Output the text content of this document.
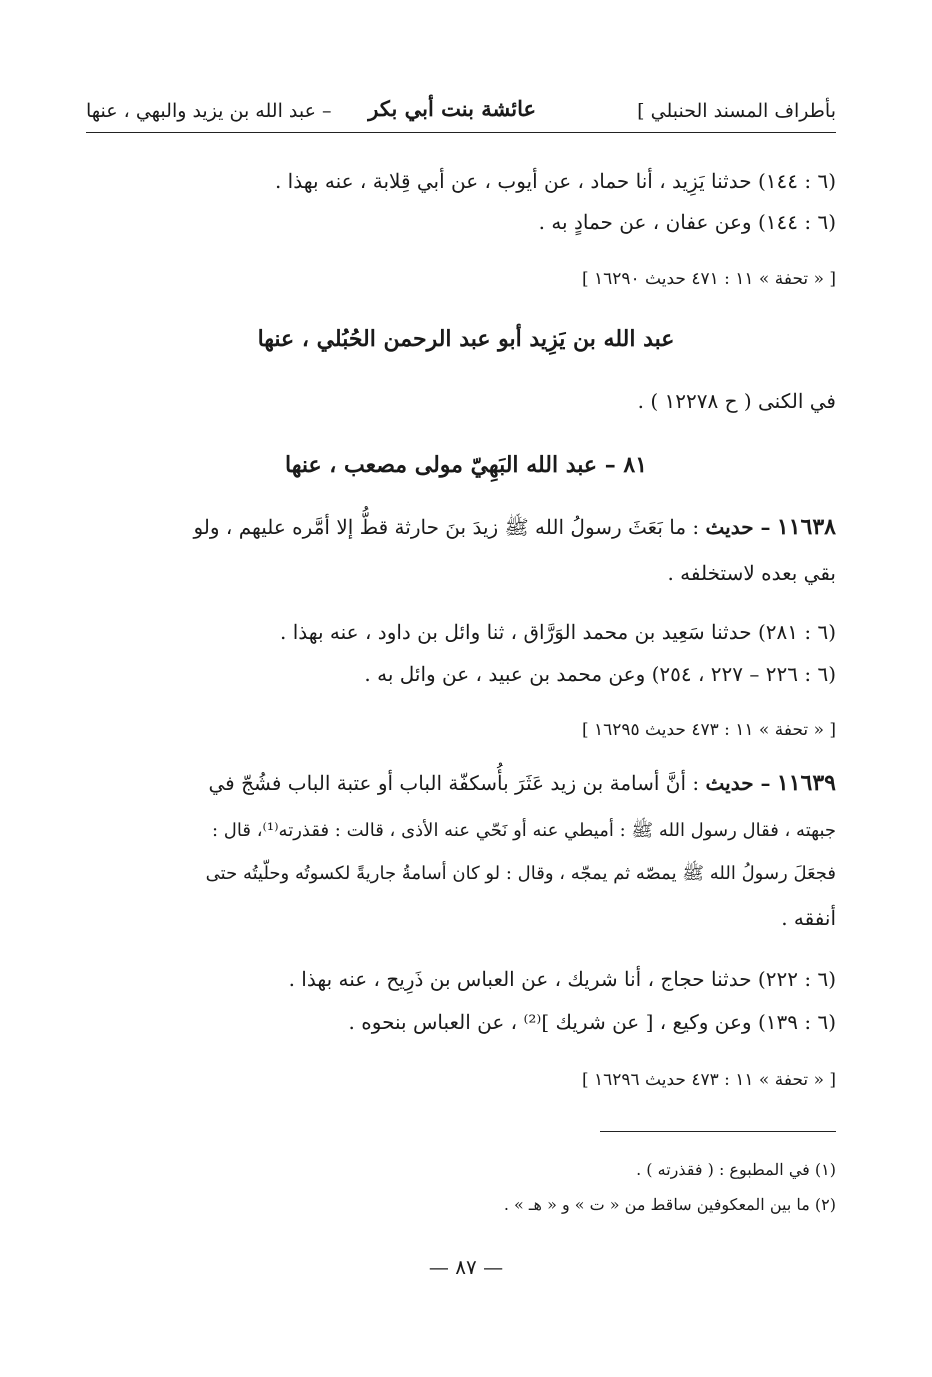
بأطراف المسند الحنبلي ]
عائشة بنت أبي بكر
– عبد الله بن يزيد والبهي ، عنها
(٦ : ١٤٤) حدثنا يَزِيد ، أنا حماد ، عن أيوب ، عن أبي قِلابة ، عنه بهذا .
(٦ : ١٤٤) وعن عفان ، عن حمادٍ به .
[ « تحفة » ١١ : ٤٧١ حديث ١٦٢٩٠ ]
عبد الله بن يَزِيد أبو عبد الرحمن الحُبُلي ، عنها
في الكنى ( ح ١٢٢٧٨ ) .
٨١ – عبد الله البَهِيّ مولى مصعب ، عنها
١١٦٣٨ – حديث : ما بَعَثَ رسولُ الله ﷺ زيدَ بنَ حارثة قطُّ إلا أمَّره عليهم ، ولو
بقي بعده لاستخلفه .
(٦ : ٢٨١) حدثنا سَعِيد بن محمد الوَرَّاق ، ثنا وائل بن داود ، عنه بهذا .
(٦ : ٢٢٦ – ٢٢٧ ، ٢٥٤) وعن محمد بن عبيد ، عن وائل به .
[ « تحفة » ١١ : ٤٧٣ حديث ١٦٢٩٥ ]
١١٦٣٩ – حديث : أنَّ أسامة بن زيد عَثَرَ بأُسكفّة الباب أو عتبة الباب فشُجّ في
جبهته ، فقال رسول الله ﷺ : أميطي عنه أو نَحّي عنه الأذى ، قالت : فقذرته⁽¹⁾، قال :
فجعَلَ رسولُ الله ﷺ يمصّه ثم يمجّه ، وقال : لو كان أسامةُ جاريةً لكسوتُه وحلّيتُه حتى
أنفقه .
(٦ : ٢٢٢) حدثنا حجاج ، أنا شريك ، عن العباس بن ذَرِيح ، عنه بهذا .
(٦ : ١٣٩) وعن وكيع ، [ عن شريك ]⁽²⁾ ، عن العباس بنحوه .
[ « تحفة » ١١ : ٤٧٣ حديث ١٦٢٩٦ ]
(١) في المطبوع : ( فقذرته ) .
(٢) ما بين المعكوفين ساقط من « ت » و « هـ » .
— ٨٧ —
